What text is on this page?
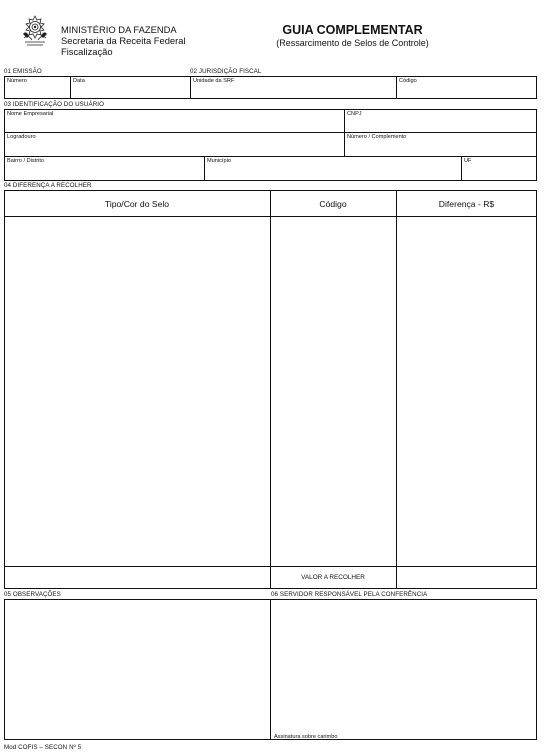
MINISTÉRIO DA FAZENDA
Secretaria da Receita Federal
Fiscalização
GUIA COMPLEMENTAR
(Ressarcimento de Selos de Controle)
01 EMISSÃO	02 JURISDIÇÃO FISCAL
Número	Data	Unidade da SRF	Código
03 IDENTIFICAÇÃO DO USUÁRIO
Nome Empresarial	CNPJ
Logradouro	Número / Complemento
Bairro / Distrito	Município	UF
04 DIFERENÇA A RECOLHER
Tipo/Cor do Selo	Código	Diferença - R$
VALOR A RECOLHER
05 OBSERVAÇÕES	06 SERVIDOR RESPONSÁVEL PELA CONFERÊNCIA
Assinatura sobre carimbo
Mod COFIS – SECON Nº 5
